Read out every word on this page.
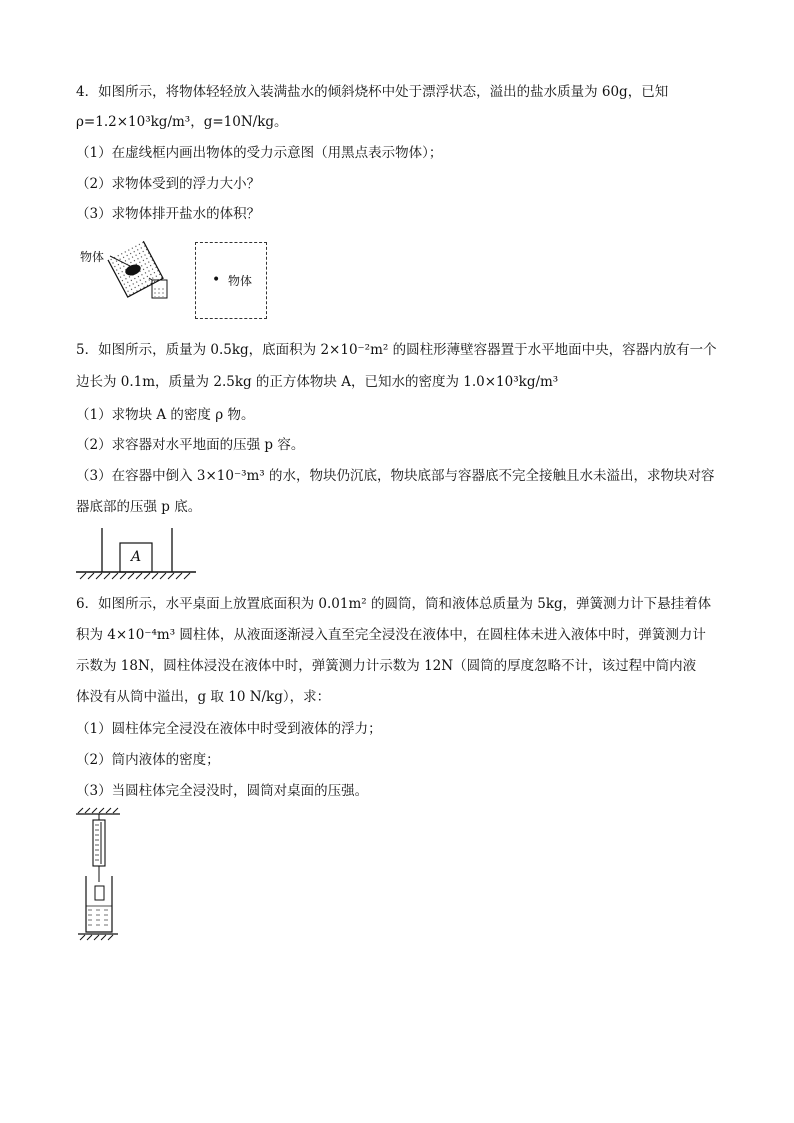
4．如图所示，将物体轻轻放入装满盐水的倾斜烧杯中处于漂浮状态，溢出的盐水质量为 60g，已知
ρ=1.2×10³kg/m³，g=10N/kg。
（1）在虚线框内画出物体的受力示意图（用黑点表示物体）；
（2）求物体受到的浮力大小？
（3）求物体排开盐水的体积？
物体
• 物体
5．如图所示，质量为 0.5kg，底面积为 2×10⁻²m² 的圆柱形薄壁容器置于水平地面中央，容器内放有一个
边长为 0.1m，质量为 2.5kg 的正方体物块 A，已知水的密度为 1.0×10³kg/m³
（1）求物块 A 的密度 ρ 物。
（2）求容器对水平地面的压强 p 容。
（3）在容器中倒入 3×10⁻³m³ 的水，物块仍沉底，物块底部与容器底不完全接触且水未溢出，求物块对容
器底部的压强 p 底。
A
6．如图所示，水平桌面上放置底面积为 0.01m² 的圆筒，筒和液体总质量为 5kg，弹簧测力计下悬挂着体
积为 4×10⁻⁴m³ 圆柱体，从液面逐渐浸入直至完全浸没在液体中，在圆柱体未进入液体中时，弹簧测力计
示数为 18N，圆柱体浸没在液体中时，弹簧测力计示数为 12N（圆筒的厚度忽略不计，该过程中筒内液
体没有从筒中溢出，g 取 10 N/kg），求：
（1）圆柱体完全浸没在液体中时受到液体的浮力；
（2）筒内液体的密度；
（3）当圆柱体完全浸没时，圆筒对桌面的压强。
